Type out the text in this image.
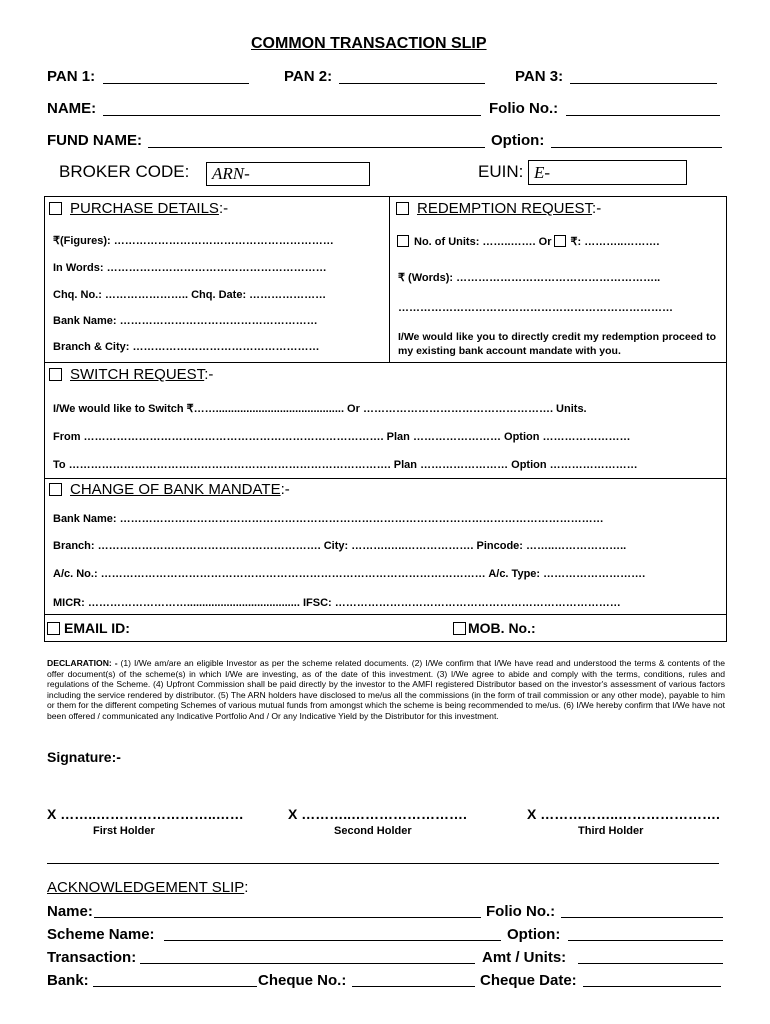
COMMON TRANSACTION SLIP
PAN 1:	PAN 2:	PAN 3:
NAME:	Folio No.:
FUND NAME:	Option:
BROKER CODE: ARN-	EUIN: E-
PURCHASE DETAILS:-
₹(Figures): ……………………………………………………
In Words: ……………………………………………………
Chq. No.: ………………….. Chq. Date: …………………
Bank Name: ………………………………………………
Branch & City: ……………………………………………
REDEMPTION REQUEST:-
No. of Units: ……..……. Or ₹: ………..……….
₹ (Words): ………………………………………………..
…………………………………………………………………
I/We would like you to directly credit my redemption proceed to my existing bank account mandate with you.
SWITCH REQUEST:-
I/We would like to Switch ₹…….......................................... Or ……………………………………………. Units.
From ………………………………………………………………………. Plan …………………… Option ……………………
To ……………………………………………………………………………. Plan …………………… Option ……………………
CHANGE OF BANK MANDATE:-
Bank Name: ……………………………………………………………………………………………………………………
Branch: ……………………………………………………. City: ……….…..………………. Pincode: ……..………………..
A/c. No.: …………………………………………………………………………………………… A/c. Type: ……………………….
MICR: ………………………..................................... IFSC: ……………………………………………………………………
EMAIL ID:	MOB. No.:
DECLARATION: - (1) I/We am/are an eligible Investor as per the scheme related documents. (2) I/We confirm that I/We have read and understood the terms & contents of the offer document(s) of the scheme(s) in which I/We are investing, as of the date of this investment. (3) I/We agree to abide and comply with the terms, conditions, rules and regulations of the Scheme. (4) Upfront Commission shall be paid directly by the investor to the AMFI registered Distributor based on the investor's assessment of various factors including the service rendered by distributor. (5) The ARN holders have disclosed to me/us all the commissions (in the form of trail commission or any other mode), payable to him or them for the different competing Schemes of various mutual funds from amongst which the scheme is being recommended to me/us. (6) I/We hereby confirm that I/We have not been offered / communicated any Indicative Portfolio And / Or any Indicative Yield by the Distributor for this investment.
Signature:-
X ……..……………………..……	X ………..…………………….	X ……………..………………….
First Holder	Second Holder	Third Holder
ACKNOWLEDGEMENT SLIP:
Name:	Folio No.:
Scheme Name:	Option:
Transaction:	Amt / Units:
Bank:	Cheque No.:	Cheque Date:
